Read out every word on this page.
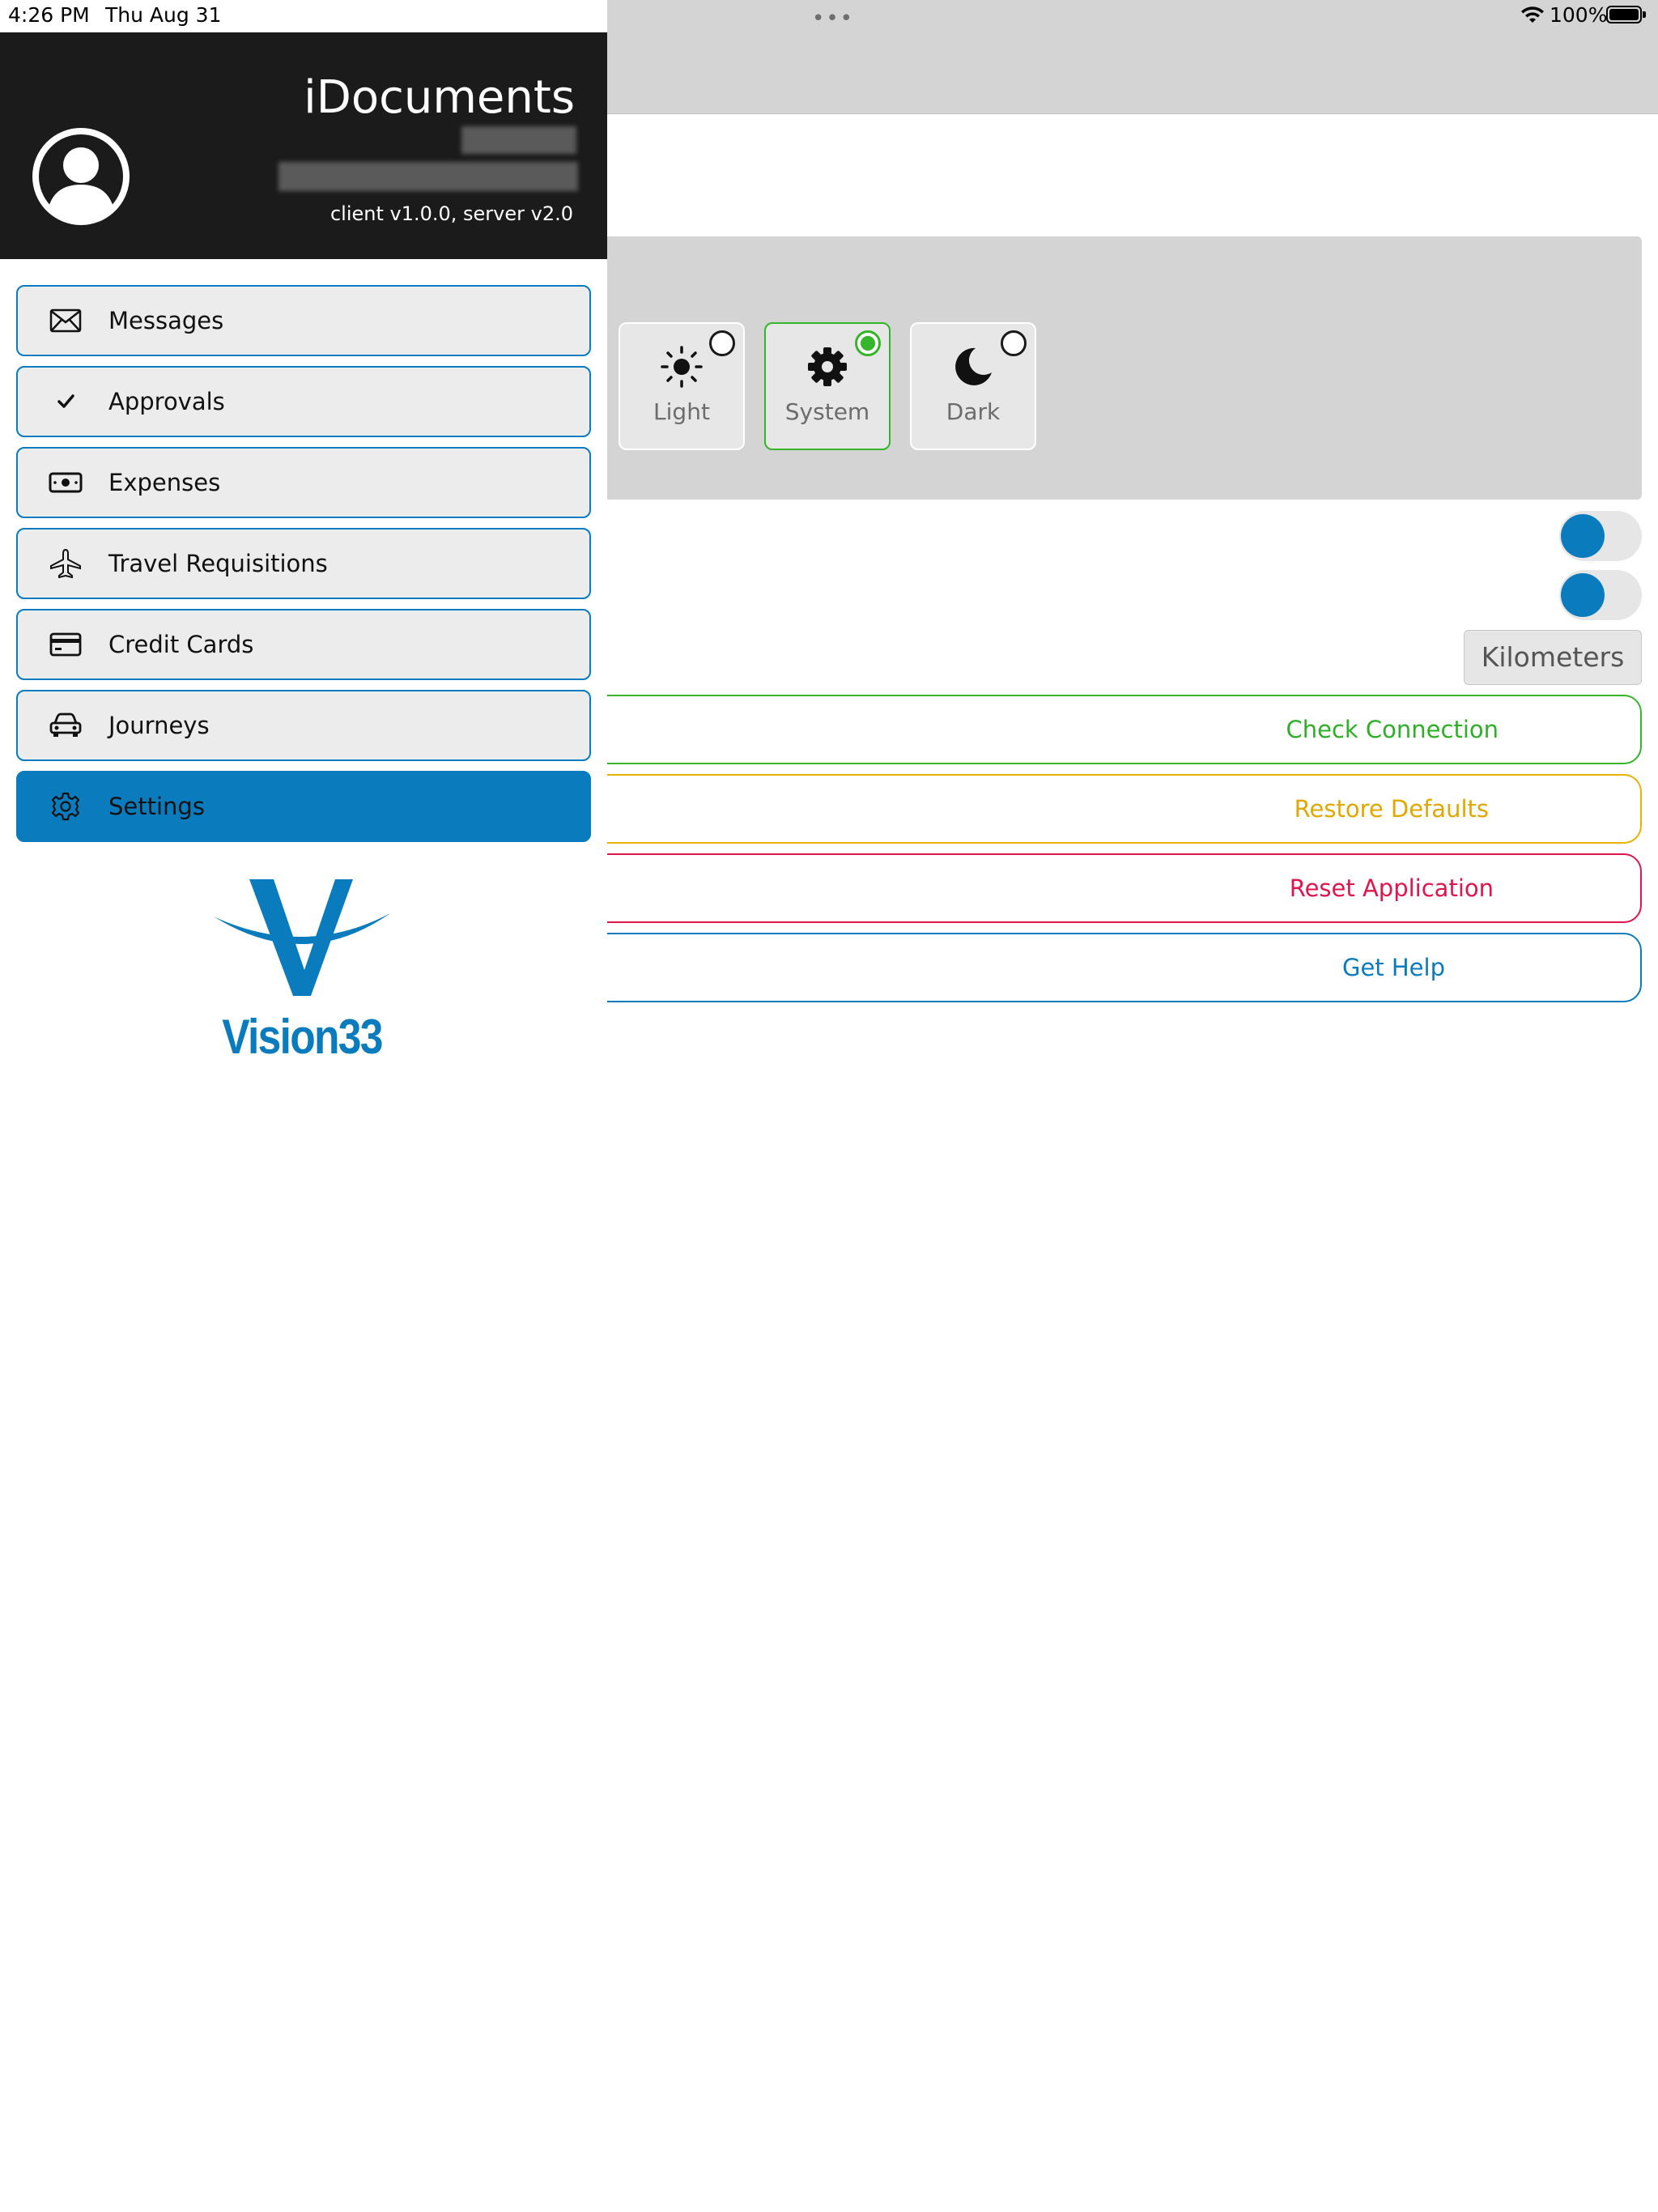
4:26 PM Thu Aug 31	•••	100%
Light	System	Dark
Kilometers
Check Connection
Restore Defaults
Reset Application
Get Help
iDocuments
client v1.0.0, server v2.0
Messages
Approvals
Expenses
Travel Requisitions
Credit Cards
Journeys
Settings
Vision33
